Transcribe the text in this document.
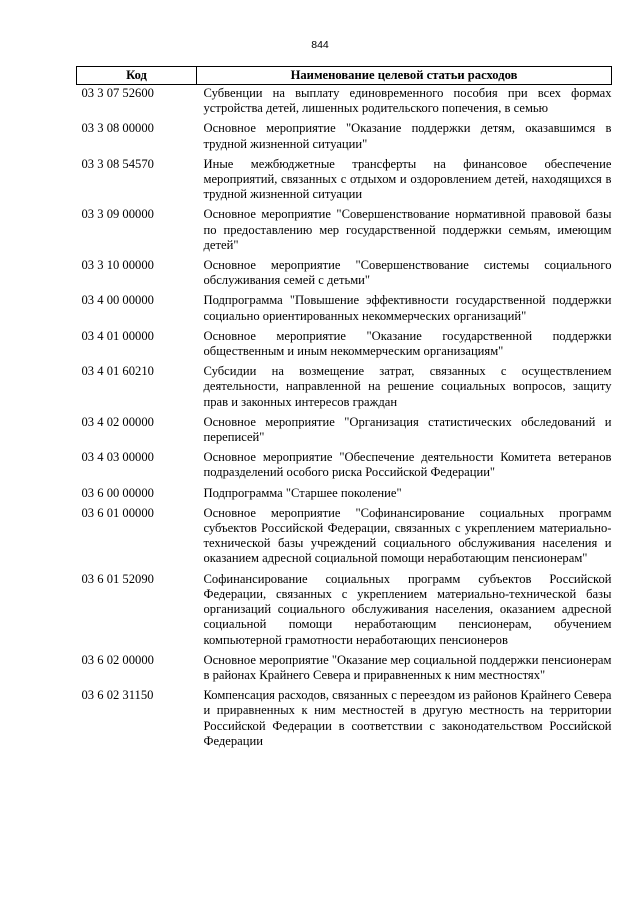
844
Код	Наименование целевой статьи расходов
03 3 07 52600	Субвенции на выплату единовременного пособия при всех формах устройства детей, лишенных родительского попечения, в семью
03 3 08 00000	Основное мероприятие "Оказание поддержки детям, оказавшимся в трудной жизненной ситуации"
03 3 08 54570	Иные межбюджетные трансферты на финансовое обеспечение мероприятий, связанных с отдыхом и оздоровлением детей, находящихся в трудной жизненной ситуации
03 3 09 00000	Основное мероприятие "Совершенствование нормативной правовой базы по предоставлению мер государственной поддержки семьям, имеющим детей"
03 3 10 00000	Основное мероприятие "Совершенствование системы социального обслуживания семей с детьми"
03 4 00 00000	Подпрограмма "Повышение эффективности государственной поддержки социально ориентированных некоммерческих организаций"
03 4 01 00000	Основное мероприятие "Оказание государственной поддержки общественным и иным некоммерческим организациям"
03 4 01 60210	Субсидии на возмещение затрат, связанных с осуществлением деятельности, направленной на решение социальных вопросов, защиту прав и законных интересов граждан
03 4 02 00000	Основное мероприятие "Организация статистических обследований и переписей"
03 4 03 00000	Основное мероприятие "Обеспечение деятельности Комитета ветеранов подразделений особого риска Российской Федерации"
03 6 00 00000	Подпрограмма "Старшее поколение"
03 6 01 00000	Основное мероприятие "Софинансирование социальных программ субъектов Российской Федерации, связанных с укреплением материально-технической базы учреждений социального обслуживания населения и оказанием адресной социальной помощи неработающим пенсионерам"
03 6 01 52090	Софинансирование социальных программ субъектов Российской Федерации, связанных с укреплением материально-технической базы организаций социального обслуживания населения, оказанием адресной социальной помощи неработающим пенсионерам, обучением компьютерной грамотности неработающих пенсионеров
03 6 02 00000	Основное мероприятие "Оказание мер социальной поддержки пенсионерам в районах Крайнего Севера и приравненных к ним местностях"
03 6 02 31150	Компенсация расходов, связанных с переездом из районов Крайнего Севера и приравненных к ним местностей в другую местность на территории Российской Федерации в соответствии с законодательством Российской Федерации
